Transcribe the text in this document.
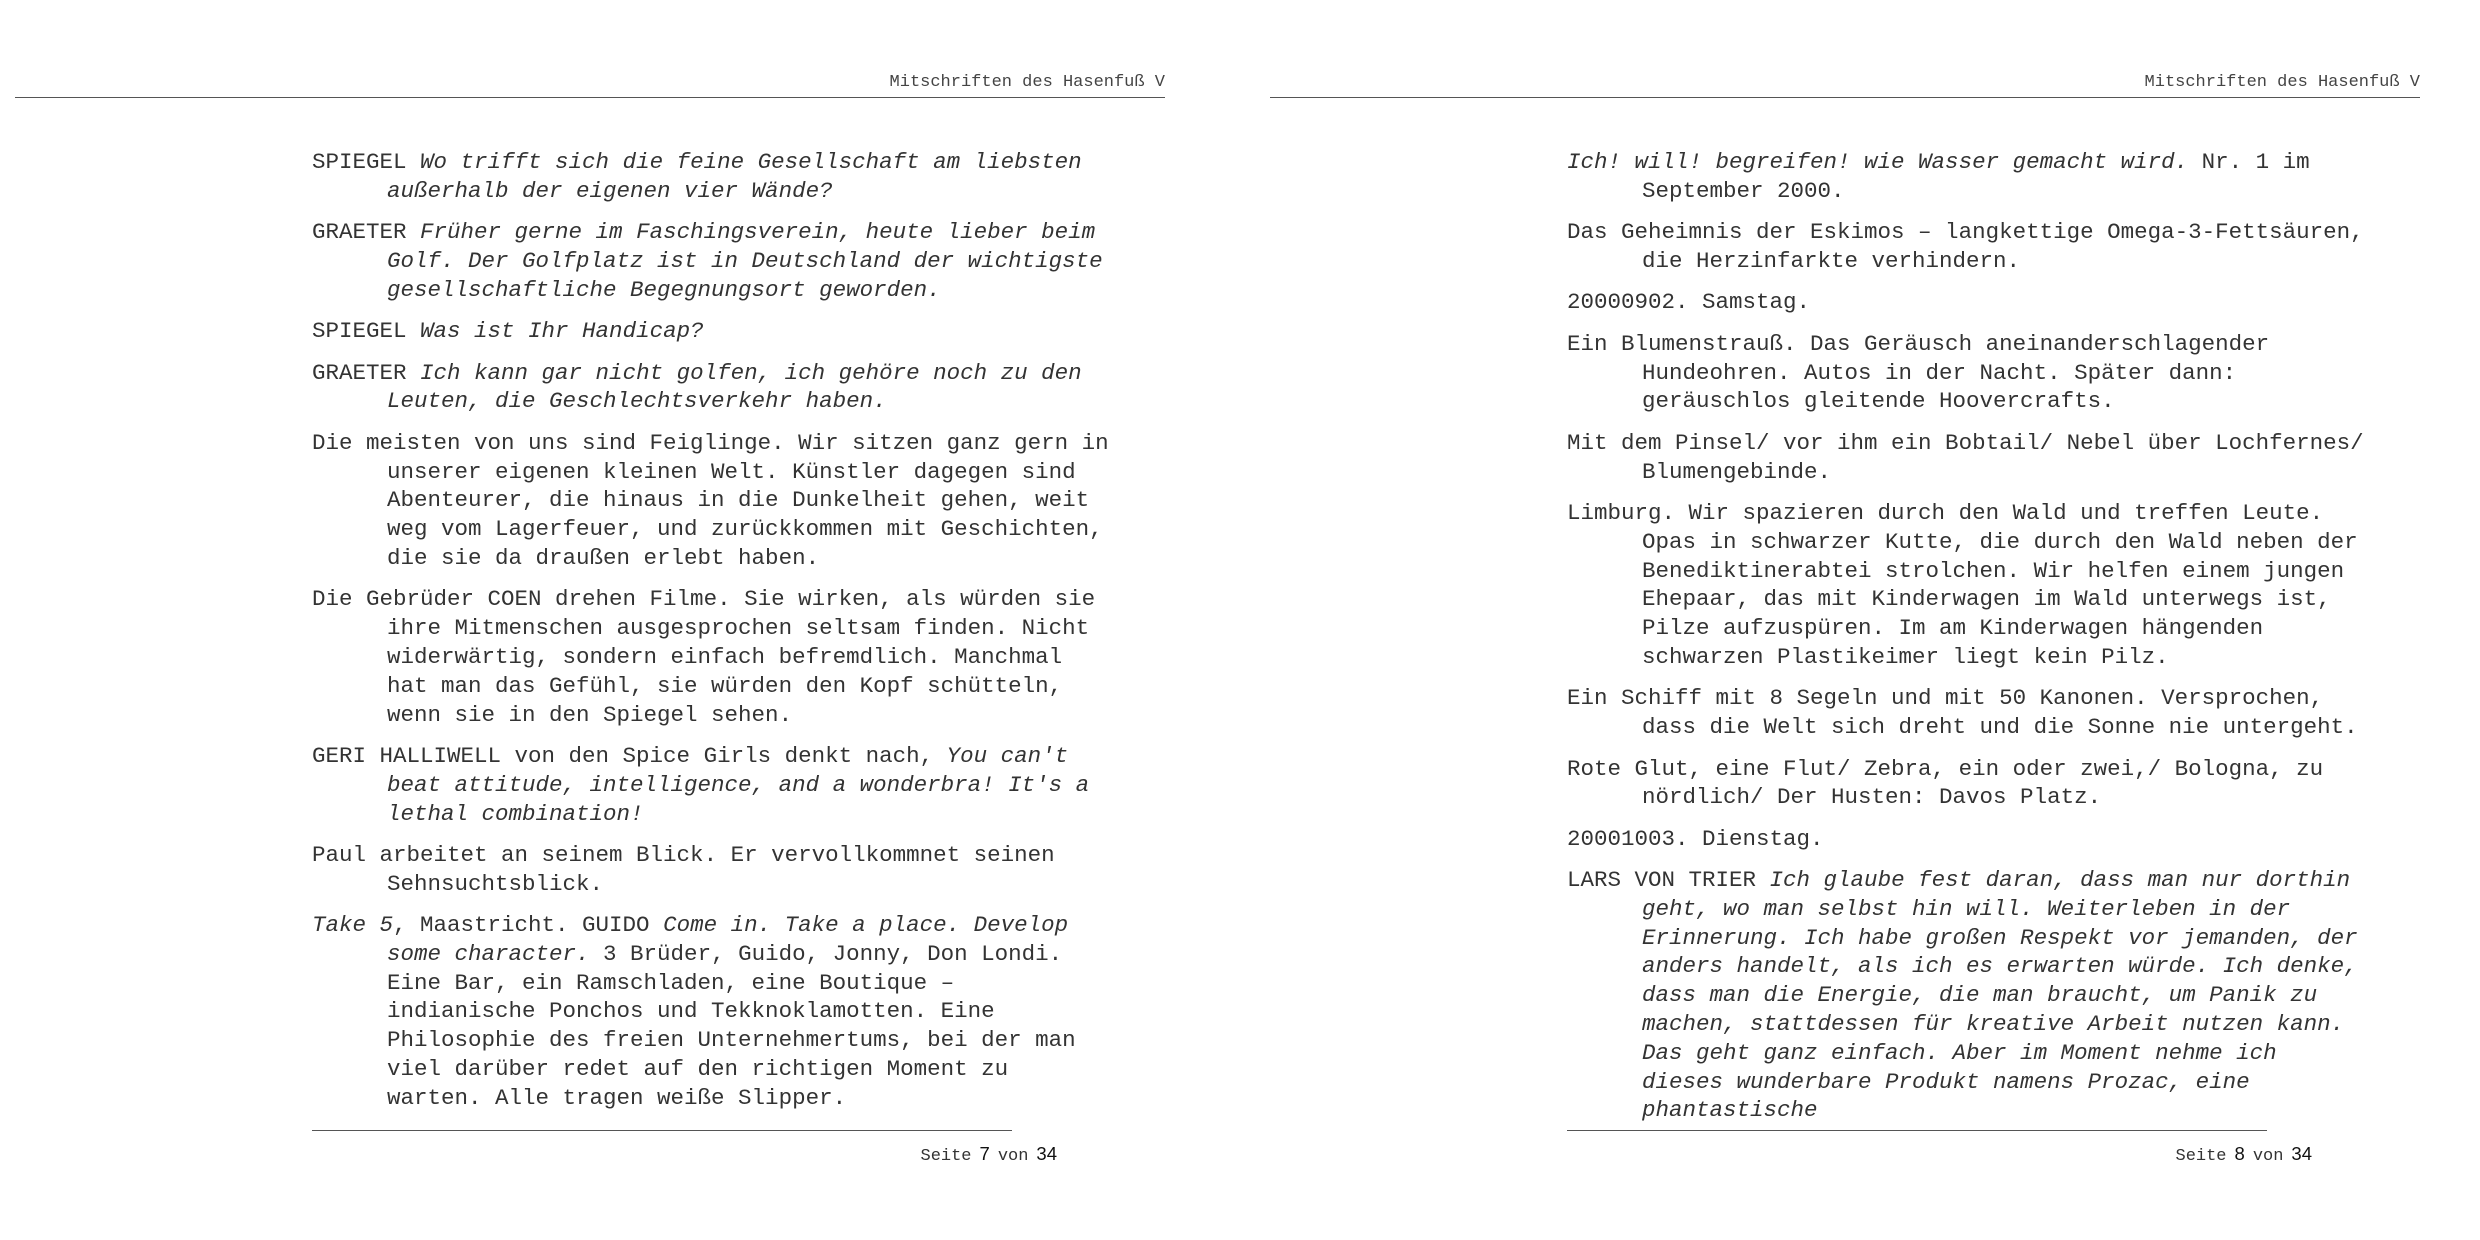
Mitschriften des Hasenfuß V

SPIEGEL Wo trifft sich die feine Gesellschaft am liebsten außerhalb der eigenen vier Wände?

GRAETER Früher gerne im Faschingsverein, heute lieber beim Golf. Der Golfplatz ist in Deutschland der wichtigste gesellschaftliche Begegnungsort geworden.

SPIEGEL Was ist Ihr Handicap?

GRAETER Ich kann gar nicht golfen, ich gehöre noch zu den Leuten, die Geschlechtsverkehr haben.

Die meisten von uns sind Feiglinge. Wir sitzen ganz gern in unserer eigenen kleinen Welt. Künstler dagegen sind Abenteurer, die hinaus in die Dunkelheit gehen, weit weg vom Lagerfeuer, und zurückkommen mit Geschichten, die sie da draußen erlebt haben.

Die Gebrüder COEN drehen Filme. Sie wirken, als würden sie ihre Mitmenschen ausgesprochen seltsam finden. Nicht widerwärtig, sondern einfach befremdlich. Manchmal hat man das Gefühl, sie würden den Kopf schütteln, wenn sie in den Spiegel sehen.

GERI HALLIWELL von den Spice Girls denkt nach, You can't beat attitude, intelligence, and a wonderbra! It's a lethal combination!

Paul arbeitet an seinem Blick. Er vervollkommnet seinen Sehnsuchtsblick.

Take 5, Maastricht. GUIDO Come in. Take a place. Develop some character. 3 Brüder, Guido, Jonny, Don Londi. Eine Bar, ein Ramschladen, eine Boutique – indianische Ponchos und Tekknoklamotten. Eine Philosophie des freien Unternehmertums, bei der man viel darüber redet auf den richtigen Moment zu warten. Alle tragen weiße Slipper.

Seite 7 von 34
Mitschriften des Hasenfuß V

Ich! will! begreifen! wie Wasser gemacht wird. Nr. 1 im September 2000.

Das Geheimnis der Eskimos – langkettige Omega-3-Fettsäuren, die Herzinfarkte verhindern.

20000902. Samstag.

Ein Blumenstrauß. Das Geräusch aneinanderschlagender Hundeohren. Autos in der Nacht. Später dann: geräuschlos gleitende Hoovercrafts.

Mit dem Pinsel/ vor ihm ein Bobtail/ Nebel über Lochfernes/ Blumengebinde.

Limburg. Wir spazieren durch den Wald und treffen Leute. Opas in schwarzer Kutte, die durch den Wald neben der Benediktinerabtei strolchen. Wir helfen einem jungen Ehepaar, das mit Kinderwagen im Wald unterwegs ist, Pilze aufzuspüren. Im am Kinderwagen hängenden schwarzen Plastikeimer liegt kein Pilz.

Ein Schiff mit 8 Segeln und mit 50 Kanonen. Versprochen, dass die Welt sich dreht und die Sonne nie untergeht.

Rote Glut, eine Flut/ Zebra, ein oder zwei,/ Bologna, zu nördlich/ Der Husten: Davos Platz.

20001003. Dienstag.

LARS VON TRIER Ich glaube fest daran, dass man nur dorthin geht, wo man selbst hin will. Weiterleben in der Erinnerung. Ich habe großen Respekt vor jemanden, der anders handelt, als ich es erwarten würde. Ich denke, dass man die Energie, die man braucht, um Panik zu machen, stattdessen für kreative Arbeit nutzen kann. Das geht ganz einfach. Aber im Moment nehme ich dieses wunderbare Produkt namens Prozac, eine phantastische

Seite 8 von 34
